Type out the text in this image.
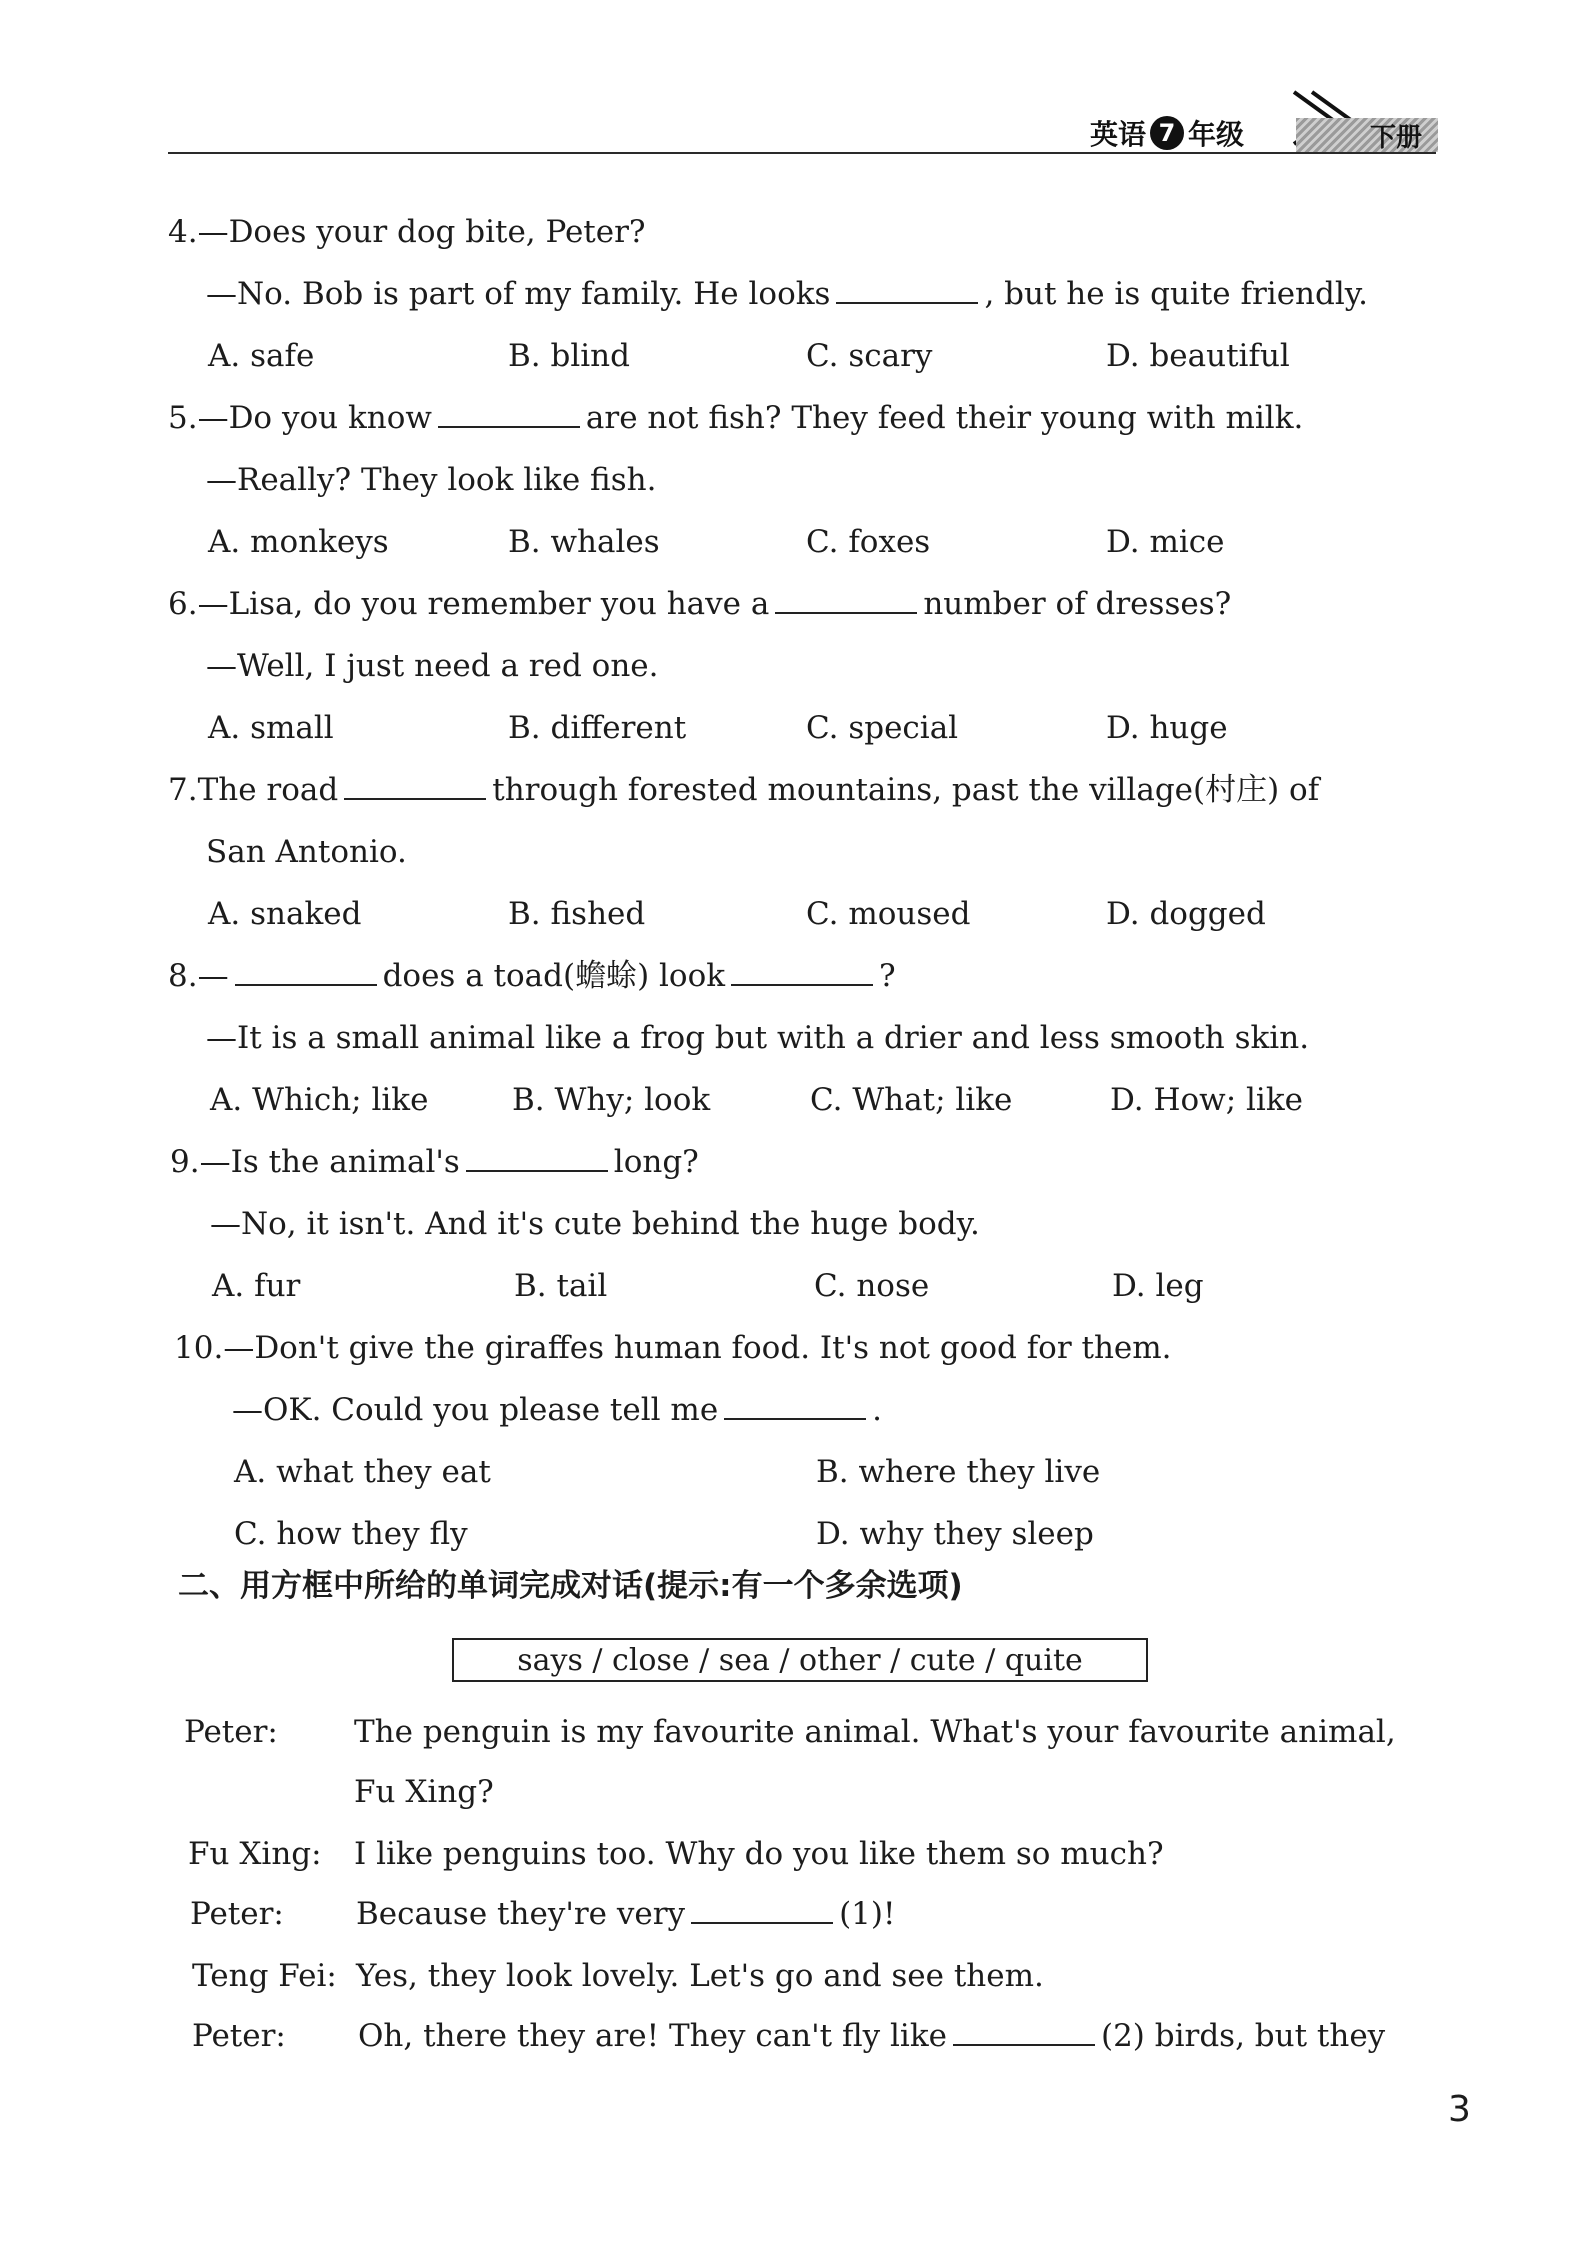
英语 7 年级	下册
4.—Does your dog bite, Peter?
—No. Bob is part of my family. He looks	, but he is quite friendly.
A. safe	B. blind	C. scary	D. beautiful
5.—Do you know	are not fish? They feed their young with milk.
—Really? They look like fish.
A. monkeys	B. whales	C. foxes	D. mice
6.—Lisa, do you remember you have a	number of dresses?
—Well, I just need a red one.
A. small	B. different	C. special	D. huge
7.The road	through forested mountains, past the village(村庄) of
San Antonio.
A. snaked	B. fished	C. moused	D. dogged
8.—	does a toad(蟾蜍) look	?
—It is a small animal like a frog but with a drier and less smooth skin.
A. Which; like	B. Why; look	C. What; like	D. How; like
9.—Is the animal's	long?
—No, it isn't. And it's cute behind the huge body.
A. fur	B. tail	C. nose	D. leg
10.—Don't give the giraffes human food. It's not good for them.
—OK. Could you please tell me	.
A. what they eat	B. where they live
C. how they fly	D. why they sleep
二、用方框中所给的单词完成对话(提示:有一个多余选项)
says / close / sea / other / cute / quite
Peter: The penguin is my favourite animal. What's your favourite animal,
Fu Xing?
Fu Xing: I like penguins too. Why do you like them so much?
Peter: Because they're very	(1)!
Teng Fei: Yes, they look lovely. Let's go and see them.
Peter: Oh, there they are! They can't fly like	(2) birds, but they
3
